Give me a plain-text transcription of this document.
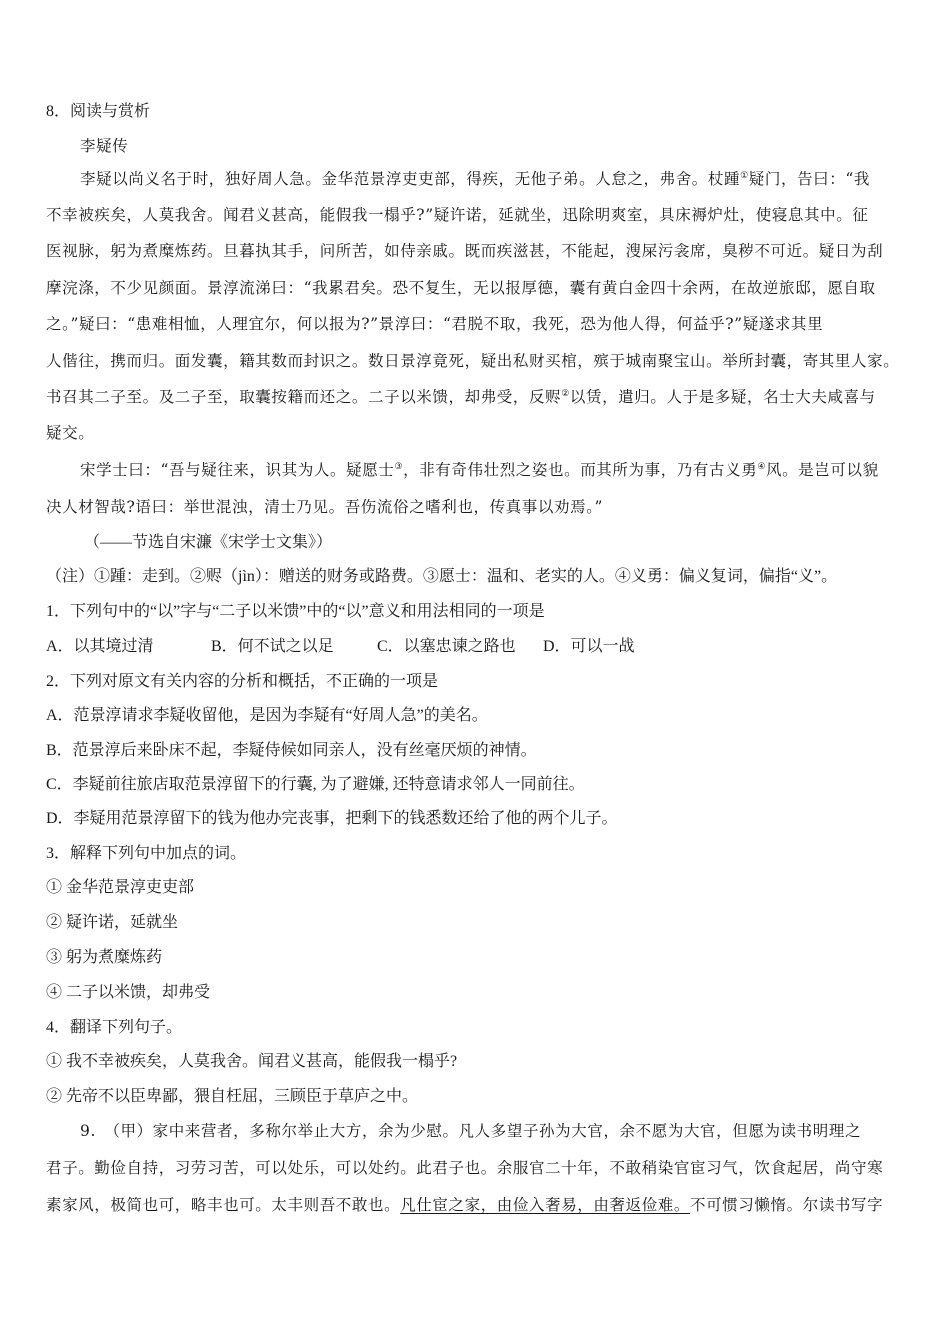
8．阅读与赏析
李疑传
李疑以尚义名于时，独好周人急。金华范景淳吏吏部，得疾，无他子弟。人怠之，弗舍。杖踵①疑门，告曰：“我
不幸被疾矣，人莫我舍。闻君义甚高，能假我一榻乎?”疑许诺，延就坐，迅除明爽室，具床褥炉灶，使寝息其中。征
医视脉，躬为煮糜炼药。旦暮执其手，问所苦，如侍亲戚。既而疾滋甚，不能起，溲屎污衾席，臭秽不可近。疑日为刮
摩浣涤，不少见颜面。景淳流涕曰：“我累君矣。恐不复生，无以报厚德，囊有黄白金四十余两，在故逆旅邸，愿自取
之。”疑曰：“患难相恤，人理宜尔，何以报为?”景淳曰：“君脱不取，我死，恐为他人得，何益乎?”疑遂求其里
人偕往，携而归。面发囊，籍其数而封识之。数日景淳竟死，疑出私财买棺，殡于城南聚宝山。举所封囊，寄其里人家。
书召其二子至。及二子至，取囊按籍而还之。二子以米馈，却弗受，反赆②以赁，遣归。人于是多疑，名士大夫咸喜与
疑交。
宋学士曰：“吾与疑往来，识其为人。疑愿士③，非有奇伟壮烈之姿也。而其所为事，乃有古义勇④风。是岂可以貌
决人材智哉?语曰：举世混浊，清士乃见。吾伤流俗之嗜利也，传真事以劝焉。”
（——节选自宋濂《宋学士文集》）
（注）①踵：走到。②赆（jìn）：赠送的财务或路费。③愿士：温和、老实的人。④义勇：偏义复词，偏指“义”。
1．下列句中的“以”字与“二子以米馈”中的“以”意义和用法相同的一项是
A．以其境过清	B．何不试之以足	C．以塞忠谏之路也 D．可以一战
2．下列对原文有关内容的分析和概括，不正确的一项是
A．范景淳请求李疑收留他，是因为李疑有“好周人急”的美名。
B．范景淳后来卧床不起，李疑侍候如同亲人，没有丝毫厌烦的神情。
C．李疑前往旅店取范景淳留下的行囊, 为了避嫌, 还特意请求邻人一同前往。
D．李疑用范景淳留下的钱为他办完丧事，把剩下的钱悉数还给了他的两个儿子。
3．解释下列句中加点的词。
① 金华范景淳吏吏部
② 疑许诺，延就坐
③ 躬为煮糜炼药
④ 二子以米馈，却弗受
4．翻译下列句子。
① 我不幸被疾矣，人莫我舍。闻君义甚高，能假我一榻乎?
② 先帝不以臣卑鄙，猥自枉屈，三顾臣于草庐之中。
9.　（甲）家中来营者，多称尔举止大方，余为少慰。凡人多望子孙为大官，余不愿为大官，但愿为读书明理之
君子。勤俭自持，习劳习苦，可以处乐，可以处约。此君子也。余服官二十年，不敢稍染官宦习气，饮食起居，尚守寒
素家风，极简也可，略丰也可。太丰则吾不敢也。凡仕宦之家，由俭入奢易，由奢返俭难。不可惯习懒惰。尔读书写字
